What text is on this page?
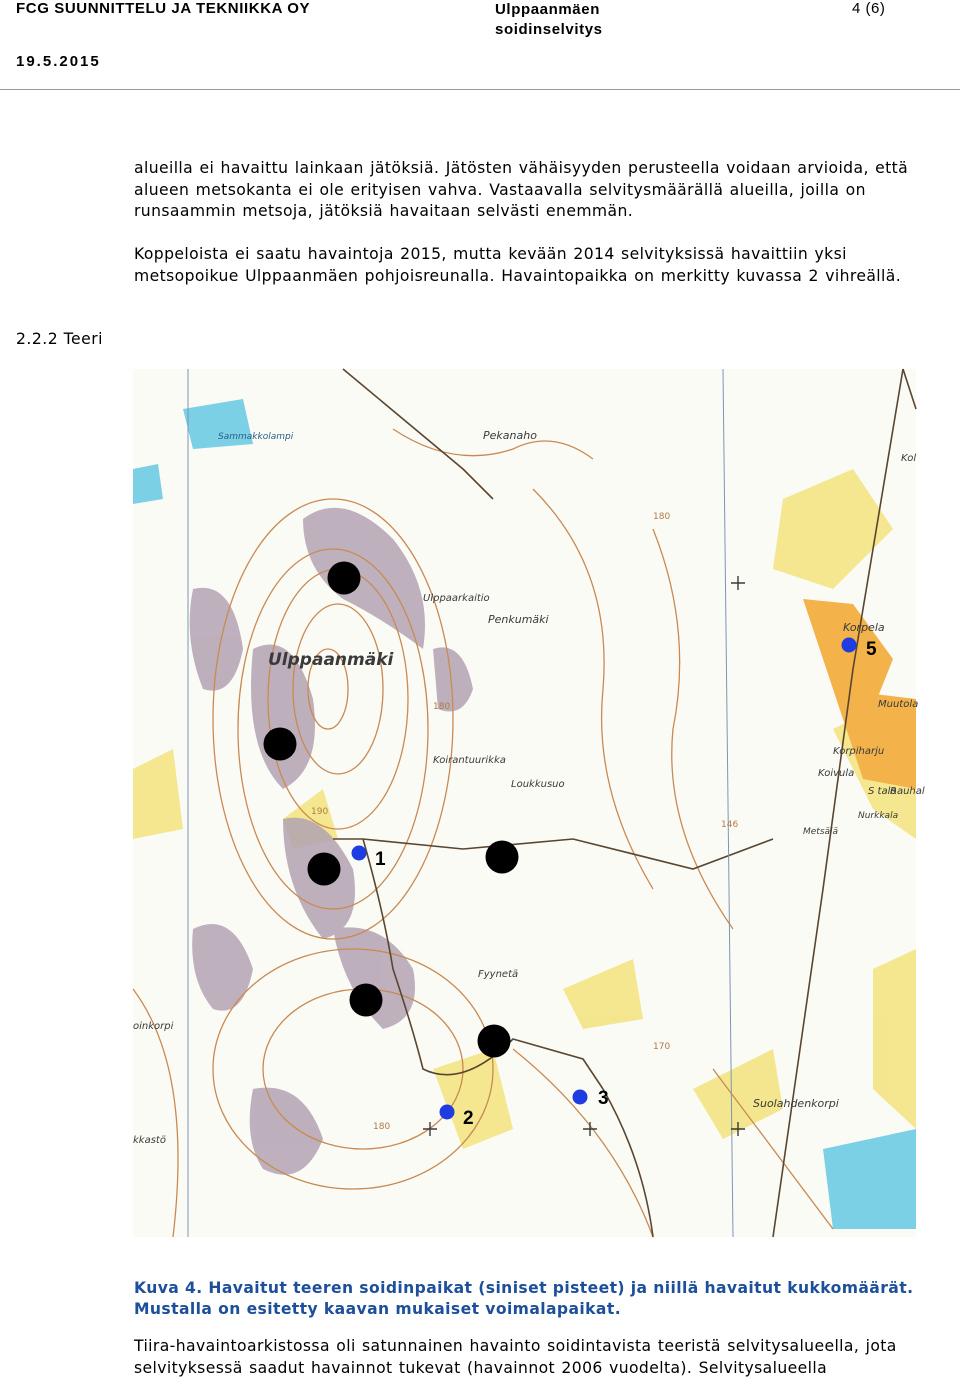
FCG SUUNNITTELU JA TEKNIIKKA OY	Ulppaanmäen
soidinselvitys
4 (6)
19.5.2015
alueilla ei havaittu lainkaan jätöksiä. Jätösten vähäisyyden perusteella voidaan arvioida, että alueen metsokanta ei ole erityisen vahva. Vastaavalla selvitysmäärällä alueilla, joilla on runsaammin metsoja, jätöksiä havaitaan selvästi enemmän.
Koppeloista ei saatu havaintoja 2015, mutta kevään 2014 selvityksissä havaittiin yksi metsopoikue Ulppaanmäen pohjoisreunalla. Havaintopaikka on merkitty kuvassa 2 vihreällä.
2.2.2 Teeri
Pekanaho
Sammakkolampi
Ulppaarkaitio
Penkumäki
Ulppaanmäki
Korpela
Muutola
Korpiharju
Koivula
S talo
Rauhal
Nurkkala
Metsälä
Koirantuurikka
Loukkusuo
Fyynetä
Suolahdenkorpi
oinkorpi
kkastö
Kol
190
180
180
170
146
180
1
2
3
5
Kuva 4. Havaitut teeren soidinpaikat (siniset pisteet) ja niillä havaitut kukkomäärät. Mustalla on esitetty kaavan mukaiset voimalapaikat.
Tiira-havaintoarkistossa oli satunnainen havainto soidintavista teeristä selvitysalueella, jota selvityksessä saadut havainnot tukevat (havainnot 2006 vuodelta). Selvitysalueella
